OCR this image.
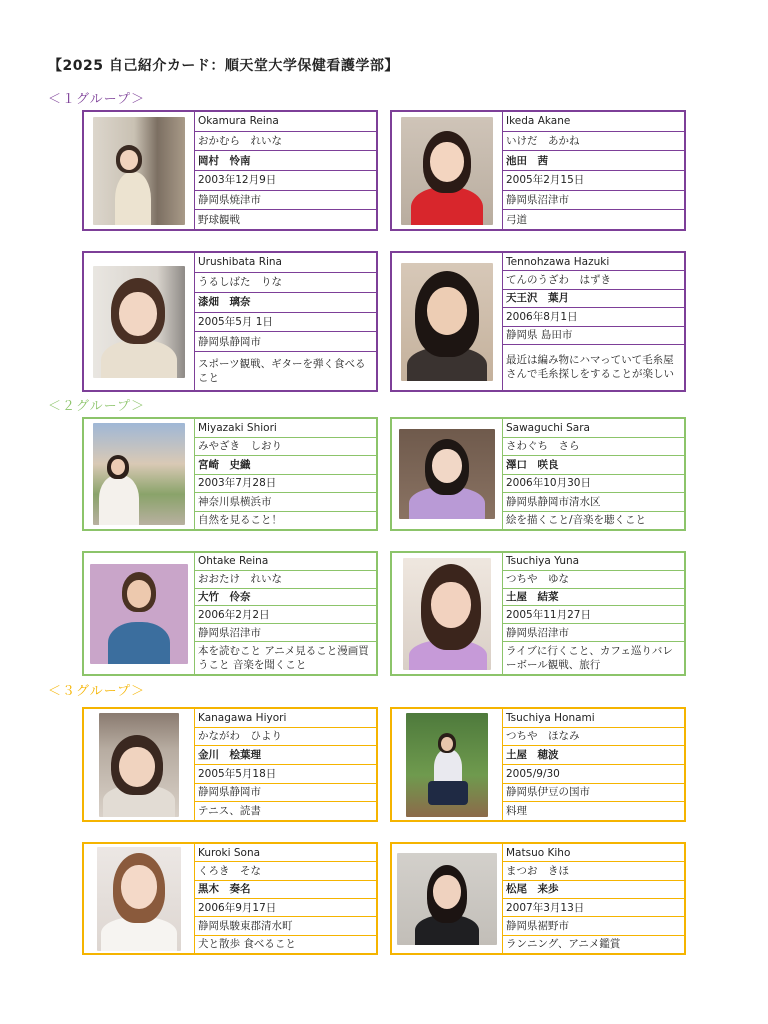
【2025 自己紹介カード：順天堂大学保健看護学部】
＜１グループ＞
Okamura Reina
おかむら　れいな
岡村　怜南
2003年12月9日
静岡県焼津市
野球観戦
Ikeda Akane
いけだ　あかね
池田　茜
2005年2月15日
静岡県沼津市
弓道
Urushibata Rina
うるしばた　りな
漆畑　璃奈
2005年5月 1日
静岡県静岡市
スポーツ観戦、ギターを弾く食べること
Tennohzawa Hazuki
てんのうざわ　はずき
天王沢　葉月
2006年8月1日
静岡県 島田市
最近は編み物にハマっていて毛糸屋さんで毛糸探しをすることが楽しい
＜２グループ＞
Miyazaki Shiori
みやざき　しおり
宮崎　史織
2003年7月28日
神奈川県横浜市
自然を見ること！
Sawaguchi Sara
さわぐち　さら
澤口　咲良
2006年10月30日
静岡県静岡市清水区
絵を描くこと/音楽を聴くこと
Ohtake Reina
おおたけ　れいな
大竹　伶奈
2006年2月2日
静岡県沼津市
本を読むこと アニメ見ること漫画買うこと 音楽を聞くこと
Tsuchiya Yuna
つちや　ゆな
土屋　結菜
2005年11月27日
静岡県沼津市
ライブに行くこと、カフェ巡りバレーボール観戦、旅行
＜３グループ＞
Kanagawa Hiyori
かながわ　ひより
金川　桧葉理
2005年5月18日
静岡県静岡市
テニス、読書
Tsuchiya Honami
つちや　ほなみ
土屋　穂波
2005/9/30
静岡県伊豆の国市
料理
Kuroki Sona
くろき　そな
黒木　奏名
2006年9月17日
静岡県駿東郡清水町
犬と散歩 食べること
Matsuo Kiho
まつお　きほ
松尾　来歩
2007年3月13日
静岡県裾野市
ランニング、アニメ鑑賞
